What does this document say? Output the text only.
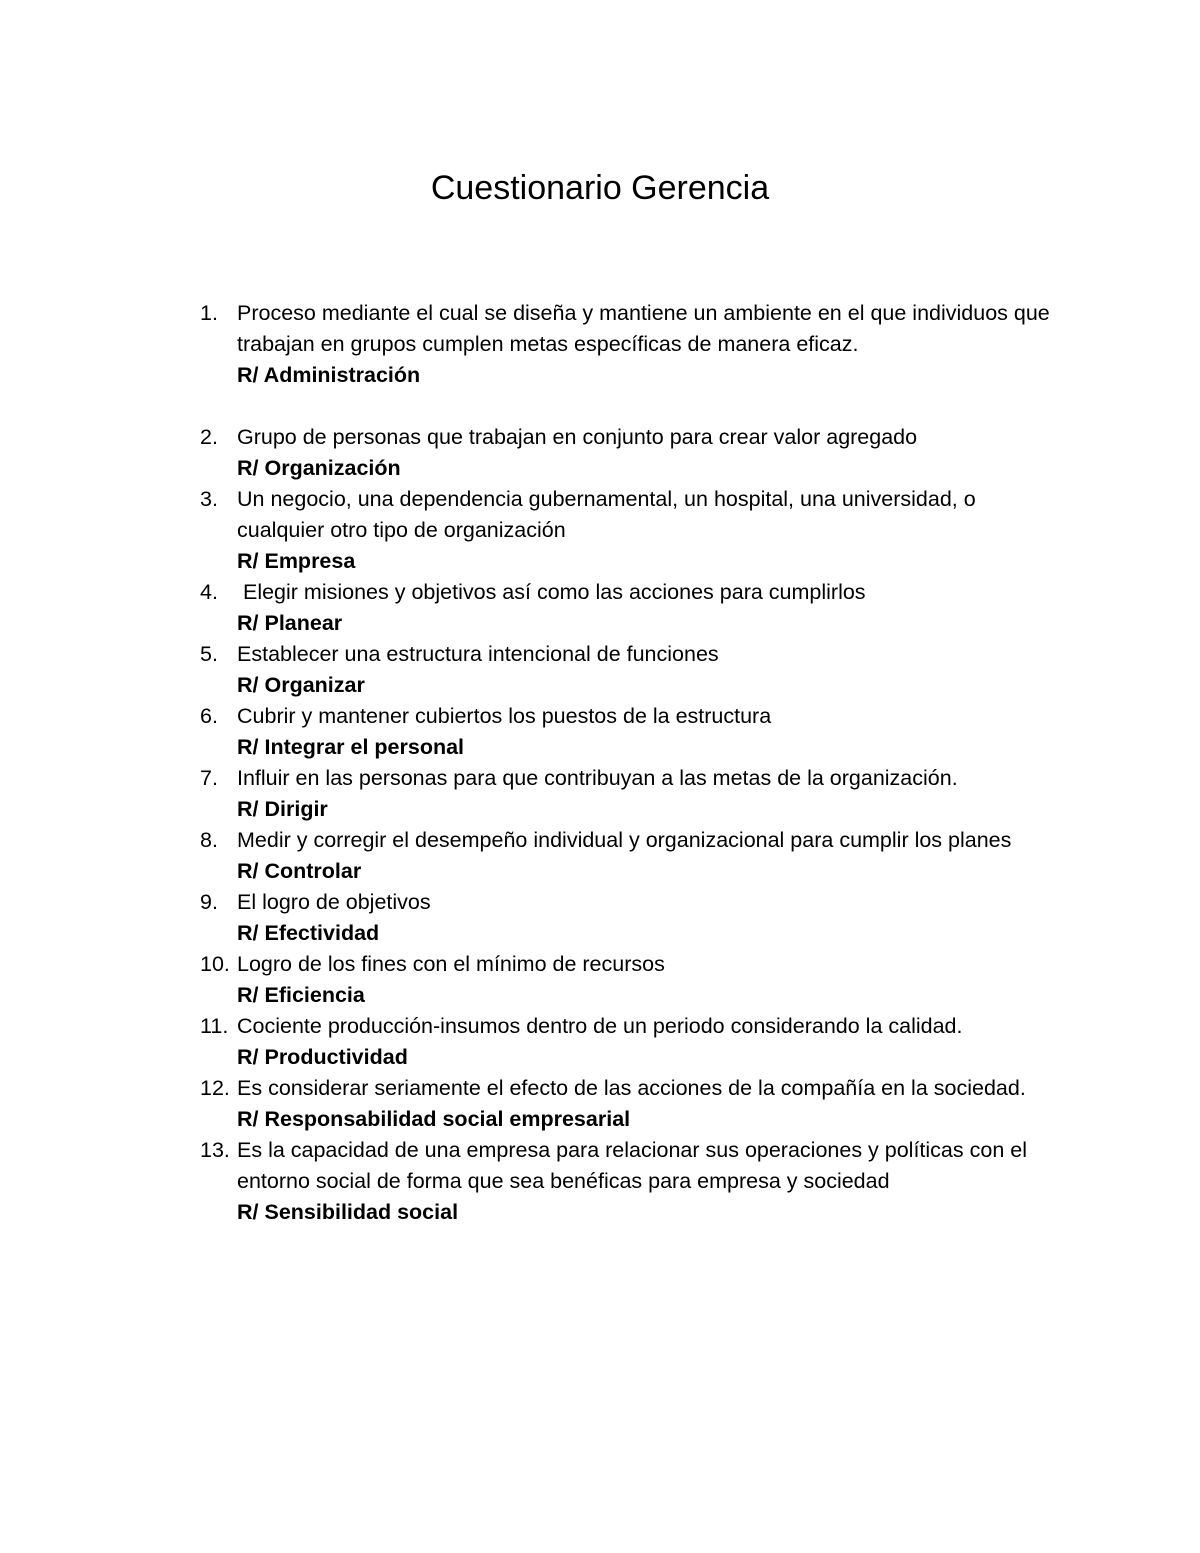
Cuestionario Gerencia
1. Proceso mediante el cual se diseña y mantiene un ambiente en el que individuos que trabajan en grupos cumplen metas específicas de manera eficaz.
R/ Administración
2. Grupo de personas que trabajan en conjunto para crear valor agregado
R/ Organización
3. Un negocio, una dependencia gubernamental, un hospital, una universidad, o cualquier otro tipo de organización
R/ Empresa
4. Elegir misiones y objetivos así como las acciones para cumplirlos
R/ Planear
5. Establecer una estructura intencional de funciones
R/ Organizar
6. Cubrir y mantener cubiertos los puestos de la estructura
R/ Integrar el personal
7. Influir en las personas para que contribuyan a las metas de la organización.
R/ Dirigir
8. Medir y corregir el desempeño individual y organizacional para cumplir los planes
R/ Controlar
9. El logro de objetivos
R/ Efectividad
10. Logro de los fines con el mínimo de recursos
R/ Eficiencia
11. Cociente producción-insumos dentro de un periodo considerando la calidad.
R/ Productividad
12. Es considerar seriamente el efecto de las acciones de la compañía en la sociedad.
R/ Responsabilidad social empresarial
13. Es la capacidad de una empresa para relacionar sus operaciones y políticas con el entorno social de forma que sea benéficas para empresa y sociedad
R/ Sensibilidad social
